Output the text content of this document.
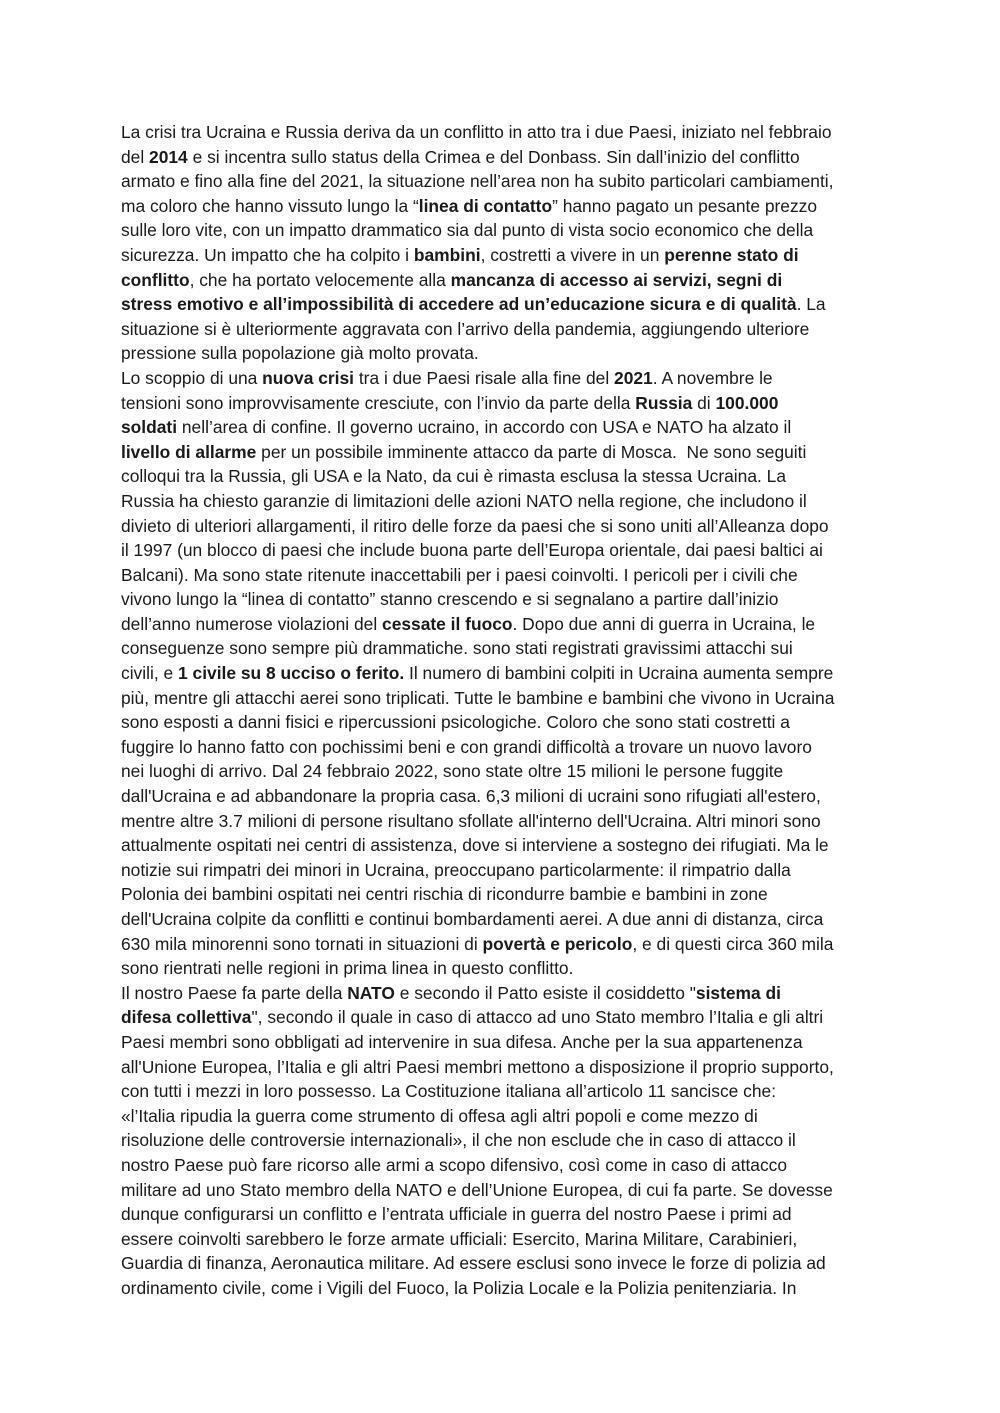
La crisi tra Ucraina e Russia deriva da un conflitto in atto tra i due Paesi, iniziato nel febbraio
del 2014 e si incentra sullo status della Crimea e del Donbass. Sin dall’inizio del conflitto
armato e fino alla fine del 2021, la situazione nell’area non ha subito particolari cambiamenti,
ma coloro che hanno vissuto lungo la “linea di contatto” hanno pagato un pesante prezzo
sulle loro vite, con un impatto drammatico sia dal punto di vista socio economico che della
sicurezza. Un impatto che ha colpito i bambini, costretti a vivere in un perenne stato di
conflitto, che ha portato velocemente alla mancanza di accesso ai servizi, segni di
stress emotivo e all’impossibilità di accedere ad un’educazione sicura e di qualità. La
situazione si è ulteriormente aggravata con l’arrivo della pandemia, aggiungendo ulteriore
pressione sulla popolazione già molto provata.
Lo scoppio di una nuova crisi tra i due Paesi risale alla fine del 2021. A novembre le
tensioni sono improvvisamente cresciute, con l’invio da parte della Russia di 100.000
soldati nell’area di confine. Il governo ucraino, in accordo con USA e NATO ha alzato il
livello di allarme per un possibile imminente attacco da parte di Mosca.  Ne sono seguiti
colloqui tra la Russia, gli USA e la Nato, da cui è rimasta esclusa la stessa Ucraina. La
Russia ha chiesto garanzie di limitazioni delle azioni NATO nella regione, che includono il
divieto di ulteriori allargamenti, il ritiro delle forze da paesi che si sono uniti all’Alleanza dopo
il 1997 (un blocco di paesi che include buona parte dell’Europa orientale, dai paesi baltici ai
Balcani). Ma sono state ritenute inaccettabili per i paesi coinvolti. I pericoli per i civili che
vivono lungo la “linea di contatto” stanno crescendo e si segnalano a partire dall’inizio
dell’anno numerose violazioni del cessate il fuoco. Dopo due anni di guerra in Ucraina, le
conseguenze sono sempre più drammatiche. sono stati registrati gravissimi attacchi sui
civili, e 1 civile su 8 ucciso o ferito. Il numero di bambini colpiti in Ucraina aumenta sempre
più, mentre gli attacchi aerei sono triplicati. Tutte le bambine e bambini che vivono in Ucraina
sono esposti a danni fisici e ripercussioni psicologiche. Coloro che sono stati costretti a
fuggire lo hanno fatto con pochissimi beni e con grandi difficoltà a trovare un nuovo lavoro
nei luoghi di arrivo. Dal 24 febbraio 2022, sono state oltre 15 milioni le persone fuggite
dall'Ucraina e ad abbandonare la propria casa. 6,3 milioni di ucraini sono rifugiati all'estero,
mentre altre 3.7 milioni di persone risultano sfollate all'interno dell'Ucraina. Altri minori sono
attualmente ospitati nei centri di assistenza, dove si interviene a sostegno dei rifugiati. Ma le
notizie sui rimpatri dei minori in Ucraina, preoccupano particolarmente: il rimpatrio dalla
Polonia dei bambini ospitati nei centri rischia di ricondurre bambie e bambini in zone
dell'Ucraina colpite da conflitti e continui bombardamenti aerei. A due anni di distanza, circa
630 mila minorenni sono tornati in situazioni di povertà e pericolo, e di questi circa 360 mila
sono rientrati nelle regioni in prima linea in questo conflitto.
Il nostro Paese fa parte della NATO e secondo il Patto esiste il cosiddetto "sistema di
difesa collettiva", secondo il quale in caso di attacco ad uno Stato membro l’Italia e gli altri
Paesi membri sono obbligati ad intervenire in sua difesa. Anche per la sua appartenenza
all'Unione Europea, l’Italia e gli altri Paesi membri mettono a disposizione il proprio supporto,
con tutti i mezzi in loro possesso. La Costituzione italiana all’articolo 11 sancisce che:
«l’Italia ripudia la guerra come strumento di offesa agli altri popoli e come mezzo di
risoluzione delle controversie internazionali», il che non esclude che in caso di attacco il
nostro Paese può fare ricorso alle armi a scopo difensivo, così come in caso di attacco
militare ad uno Stato membro della NATO e dell’Unione Europea, di cui fa parte. Se dovesse
dunque configurarsi un conflitto e l’entrata ufficiale in guerra del nostro Paese i primi ad
essere coinvolti sarebbero le forze armate ufficiali: Esercito, Marina Militare, Carabinieri,
Guardia di finanza, Aeronautica militare. Ad essere esclusi sono invece le forze di polizia ad
ordinamento civile, come i Vigili del Fuoco, la Polizia Locale e la Polizia penitenziaria. In
